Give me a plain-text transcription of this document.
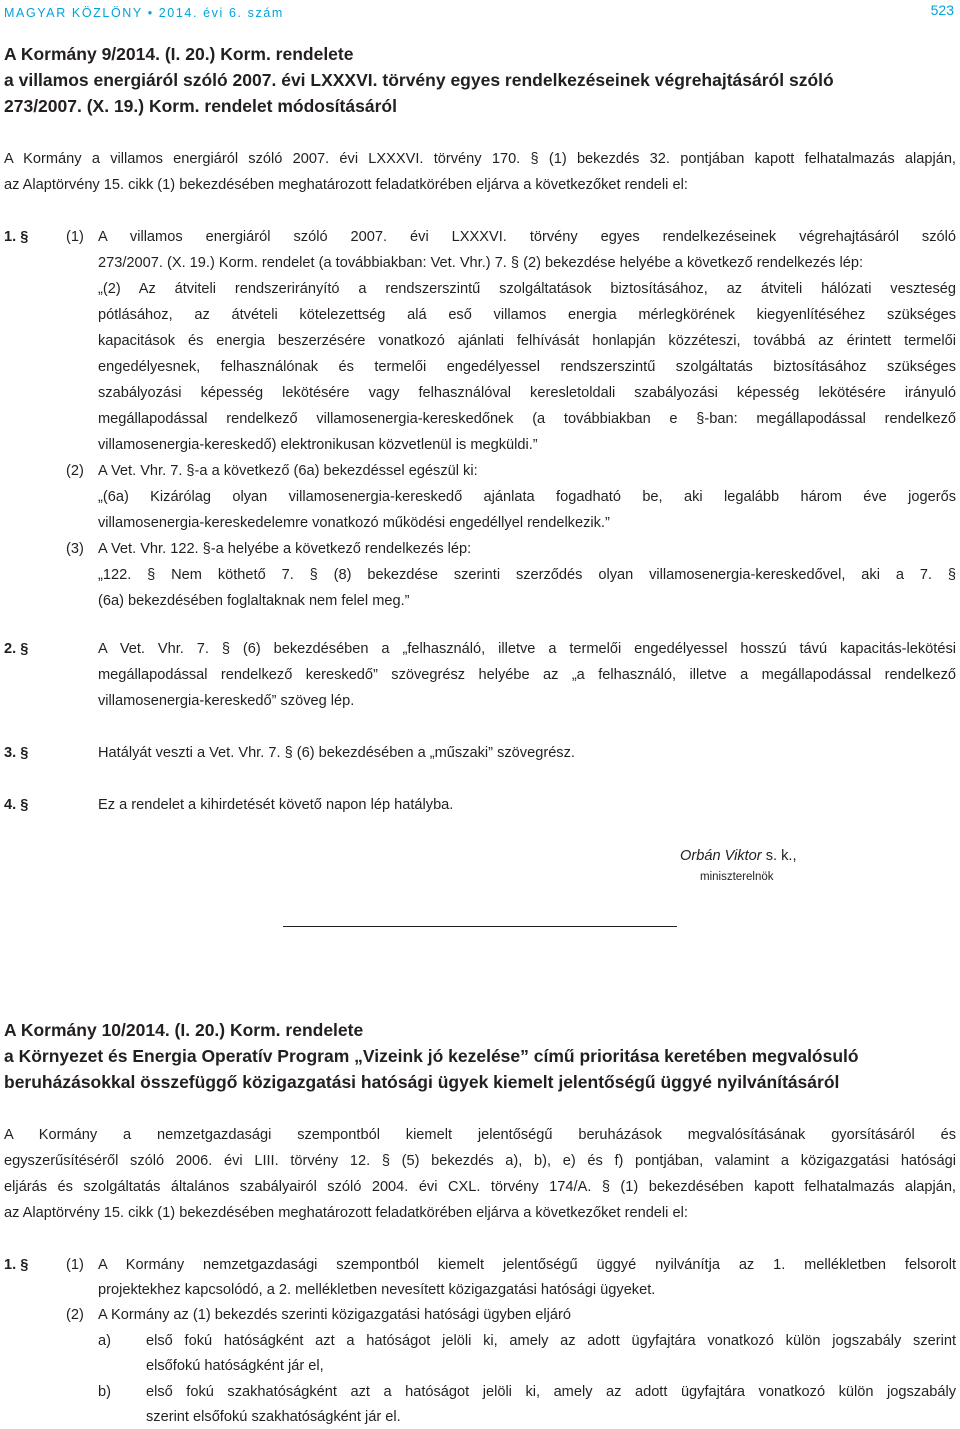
MAGYAR KÖZLÖNY • 2014. évi 6. szám	523
A Kormány 9/2014. (I. 20.) Korm. rendelete
a villamos energiáról szóló 2007. évi LXXXVI. törvény egyes rendelkezéseinek végrehajtásáról szóló
273/2007. (X. 19.) Korm. rendelet módosításáról
A Kormány a villamos energiáról szóló 2007. évi LXXXVI. törvény 170. § (1) bekezdés 32. pontjában kapott felhatalmazás alapján,
az Alaptörvény 15. cikk (1) bekezdésében meghatározott feladatkörében eljárva a következőket rendeli el:
1. §	(1) A villamos energiáról szóló 2007. évi LXXXVI. törvény egyes rendelkezéseinek végrehajtásáról szóló
273/2007. (X. 19.) Korm. rendelet (a továbbiakban: Vet. Vhr.) 7. § (2) bekezdése helyébe a következő rendelkezés lép:
„(2) Az átviteli rendszerirányító a rendszerszintű szolgáltatások biztosításához, az átviteli hálózati veszteség
pótlásához, az átvételi kötelezettség alá eső villamos energia mérlegkörének kiegyenlítéséhez szükséges
kapacitások és energia beszerzésére vonatkozó ajánlati felhívását honlapján közzéteszi, továbbá az érintett termelői
engedélyesnek, felhasználónak és termelői engedélyessel rendszerszintű szolgáltatás biztosításához szükséges
szabályozási képesség lekötésére vagy felhasználóval keresletoldali szabályozási képesség lekötésére irányuló
megállapodással rendelkező villamosenergia-kereskedőnek (a továbbiakban e §-ban: megállapodással rendelkező
villamosenergia-kereskedő) elektronikusan közvetlenül is megküldi.”
(2) A Vet. Vhr. 7. §-a a következő (6a) bekezdéssel egészül ki:
„(6a) Kizárólag olyan villamosenergia-kereskedő ajánlata fogadható be, aki legalább három éve jogerős
villamosenergia-kereskedelemre vonatkozó működési engedéllyel rendelkezik.”
(3) A Vet. Vhr. 122. §-a helyébe a következő rendelkezés lép:
„122. § Nem köthető 7. § (8) bekezdése szerinti szerződés olyan villamosenergia-kereskedővel, aki a 7. §
(6a) bekezdésében foglaltaknak nem felel meg.”
2. §	A Vet. Vhr. 7. § (6) bekezdésében a „felhasználó, illetve a termelői engedélyessel hosszú távú kapacitás-lekötési
megállapodással rendelkező kereskedő” szövegrész helyébe az „a felhasználó, illetve a megállapodással rendelkező
villamosenergia-kereskedő” szöveg lép.
3. §	Hatályát veszti a Vet. Vhr. 7. § (6) bekezdésében a „műszaki” szövegrész.
4. §	Ez a rendelet a kihirdetését követő napon lép hatályba.
Orbán Viktor s. k.,
miniszterelnök
A Kormány 10/2014. (I. 20.) Korm. rendelete
a Környezet és Energia Operatív Program „Vizeink jó kezelése” című prioritása keretében megvalósuló
beruházásokkal összefüggő közigazgatási hatósági ügyek kiemelt jelentőségű üggyé nyilvánításáról
A Kormány a nemzetgazdasági szempontból kiemelt jelentőségű beruházások megvalósításának gyorsításáról és
egyszerűsítéséről szóló 2006. évi LIII. törvény 12. § (5) bekezdés a), b), e) és f) pontjában, valamint a közigazgatási hatósági
eljárás és szolgáltatás általános szabályairól szóló 2004. évi CXL. törvény 174/A. § (1) bekezdésében kapott felhatalmazás alapján,
az Alaptörvény 15. cikk (1) bekezdésében meghatározott feladatkörében eljárva a következőket rendeli el:
1. §	(1) A Kormány nemzetgazdasági szempontból kiemelt jelentőségű üggyé nyilvánítja az 1. mellékletben felsorolt
projektekhez kapcsolódó, a 2. mellékletben nevesített közigazgatási hatósági ügyeket.
(2) A Kormány az (1) bekezdés szerinti közigazgatási hatósági ügyben eljáró
a) első fokú hatóságként azt a hatóságot jelöli ki, amely az adott ügyfajtára vonatkozó külön jogszabály szerint
elsőfokú hatóságként jár el,
b) első fokú szakhatóságként azt a hatóságot jelöli ki, amely az adott ügyfajtára vonatkozó külön jogszabály
szerint elsőfokú szakhatóságként jár el.
